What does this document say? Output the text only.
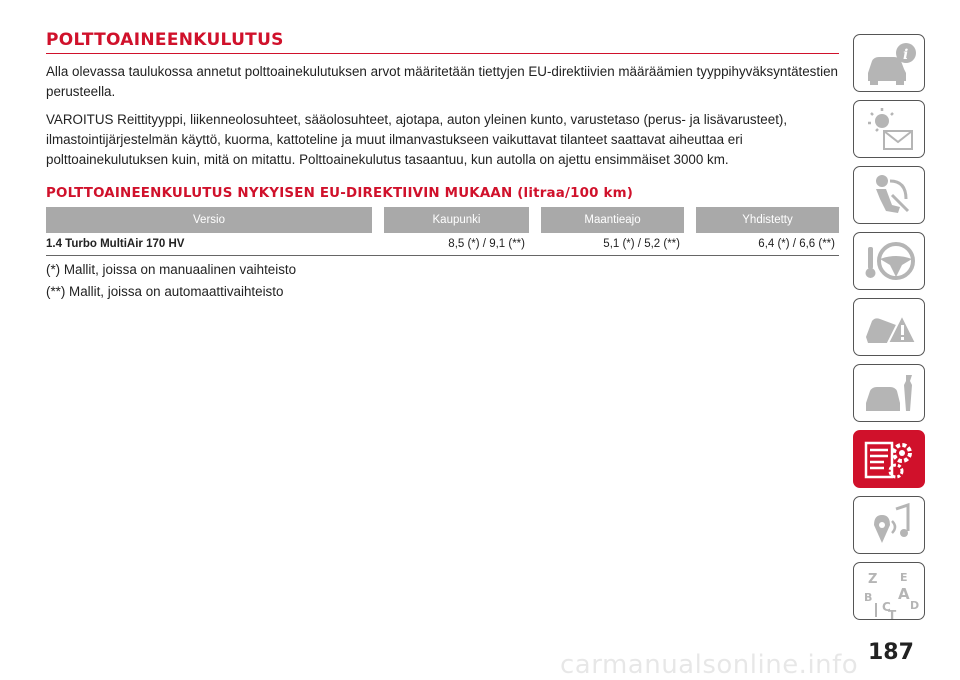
POLTTOAINEENKULUTUS

Alla olevassa taulukossa annetut polttoainekulutuksen arvot määritetään tiettyjen EU-direktiivien määräämien tyyppihyväksyntätestien perusteella.

VAROITUS Reittityyppi, liikenneolosuhteet, sääolosuhteet, ajotapa, auton yleinen kunto, varustetaso (perus- ja lisävarusteet), ilmastointijärjestelmän käyttö, kuorma, kattoteline ja muut ilmanvastukseen vaikuttavat tilanteet saattavat aiheuttaa eri polttoainekulutuksen kuin, mitä on mitattu. Polttoainekulutus tasaantuu, kun autolla on ajettu ensimmäiset 3000 km.

POLTTOAINEENKULUTUS NYKYISEN EU-DIREKTIIVIN MUKAAN (litraa/100 km)
Versio		Kaupunki		Maantieajo		Yhdistetty
1.4 Turbo MultiAir 170 HV		8,5 (*) / 9,1 (**)		5,1 (*) / 5,2 (**)		6,4 (*) / 6,6 (**)

(*) Mallit, joissa on manuaalinen vaihteisto

(**) Mallit, joissa on automaattivaihteisto

i
Z E
B A
C D
T
187
carmanualsonline.info
